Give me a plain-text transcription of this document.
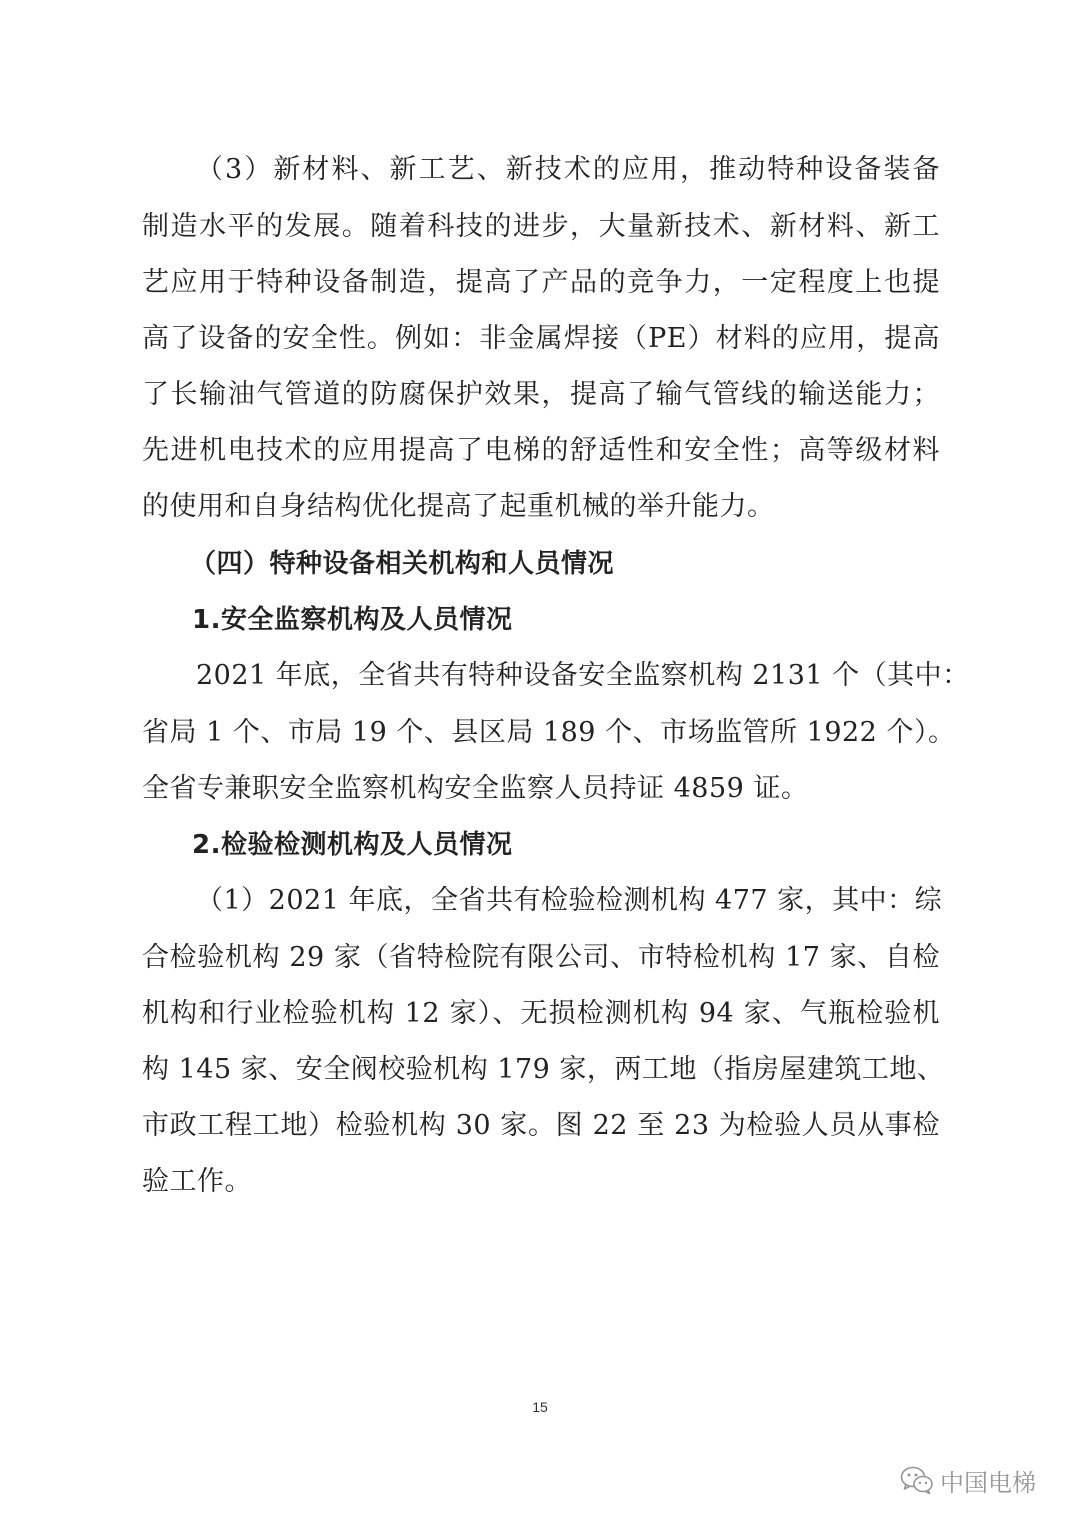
（3）新材料、新工艺、新技术的应用，推动特种设备装备
制造水平的发展。随着科技的进步，大量新技术、新材料、新工
艺应用于特种设备制造，提高了产品的竞争力，一定程度上也提
高了设备的安全性。例如：非金属焊接（PE）材料的应用，提高
了长输油气管道的防腐保护效果，提高了输气管线的输送能力；
先进机电技术的应用提高了电梯的舒适性和安全性；高等级材料
的使用和自身结构优化提高了起重机械的举升能力。
（四）特种设备相关机构和人员情况
1.安全监察机构及人员情况
2021 年底，全省共有特种设备安全监察机构 2131 个（其中：
省局 1 个、市局 19 个、县区局 189 个、市场监管所 1922 个）。
全省专兼职安全监察机构安全监察人员持证 4859 证。
2.检验检测机构及人员情况
（1）2021 年底，全省共有检验检测机构 477 家，其中：综
合检验机构 29 家（省特检院有限公司、市特检机构 17 家、自检
机构和行业检验机构 12 家）、无损检测机构 94 家、气瓶检验机
构 145 家、安全阀校验机构 179 家，两工地（指房屋建筑工地、
市政工程工地）检验机构 30 家。图 22 至 23 为检验人员从事检
验工作。
15
中国电梯
